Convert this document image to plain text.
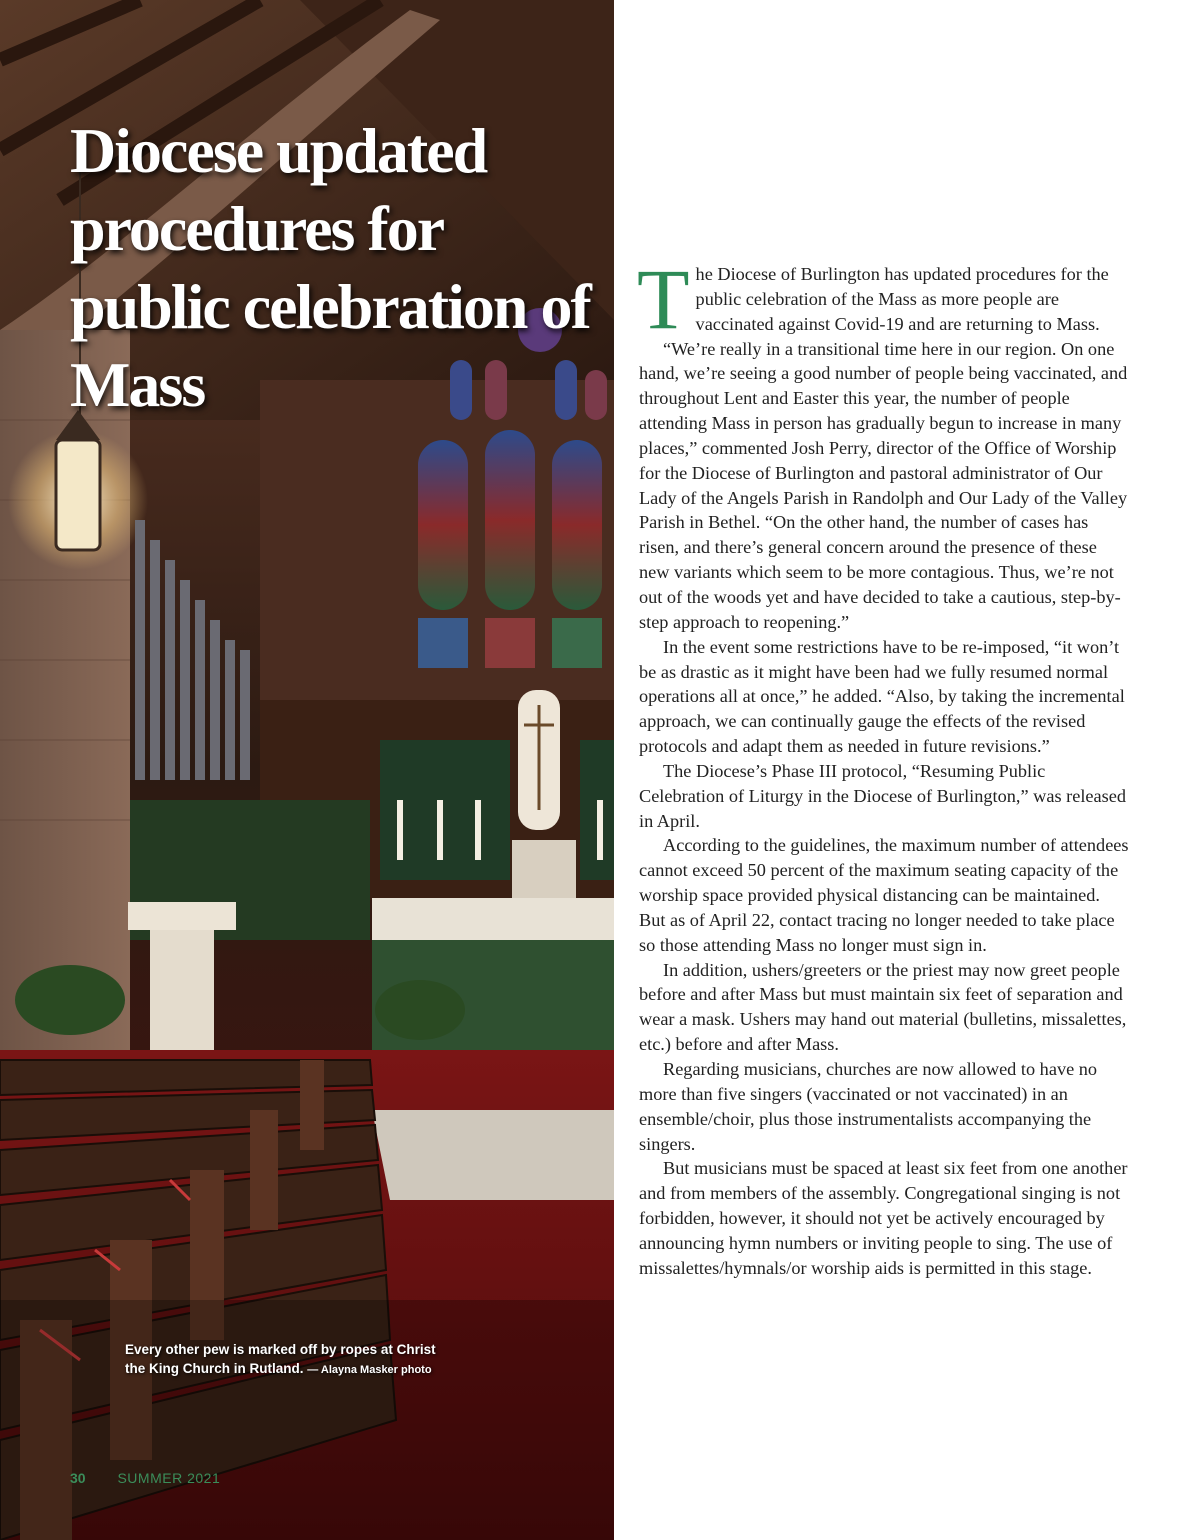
Diocese updated procedures for public celebration of Mass
Every other pew is marked off by ropes at Christ the King Church in Rutland. — Alayna Masker photo
30 SUMMER 2021

The Diocese of Burlington has updated procedures for the public celebration of the Mass as more people are vaccinated against Covid-19 and are returning to Mass.

“We’re really in a transitional time here in our region. On one hand, we’re seeing a good number of people being vaccinated, and throughout Lent and Easter this year, the number of people attending Mass in person has gradually begun to increase in many places,” commented Josh Perry, director of the Office of Worship for the Diocese of Burlington and pastoral administrator of Our Lady of the Angels Parish in Randolph and Our Lady of the Valley Parish in Bethel. “On the other hand, the number of cases has risen, and there’s general concern around the presence of these new variants which seem to be more contagious. Thus, we’re not out of the woods yet and have decided to take a cautious, step-by-step approach to reopening.”

In the event some restrictions have to be re-imposed, “it won’t be as drastic as it might have been had we fully resumed normal operations all at once,” he added. “Also, by taking the incremental approach, we can continually gauge the effects of the revised protocols and adapt them as needed in future revisions.”

The Diocese’s Phase III protocol, “Resuming Public Celebration of Liturgy in the Diocese of Burlington,” was released in April.

According to the guidelines, the maximum number of attendees cannot exceed 50 percent of the maximum seating capacity of the worship space provided physical distancing can be maintained. But as of April 22, contact tracing no longer needed to take place so those attending Mass no longer must sign in.

In addition, ushers/greeters or the priest may now greet people before and after Mass but must maintain six feet of separation and wear a mask. Ushers may hand out material (bulletins, missalettes, etc.) before and after Mass.

Regarding musicians, churches are now allowed to have no more than five singers (vaccinated or not vaccinated) in an ensemble/choir, plus those instrumentalists accompanying the singers.

But musicians must be spaced at least six feet from one another and from members of the assembly. Congregational singing is not forbidden, however, it should not yet be actively encouraged by announcing hymn numbers or inviting people to sing. The use of missalettes/hymnals/or worship aids is permitted in this stage.
